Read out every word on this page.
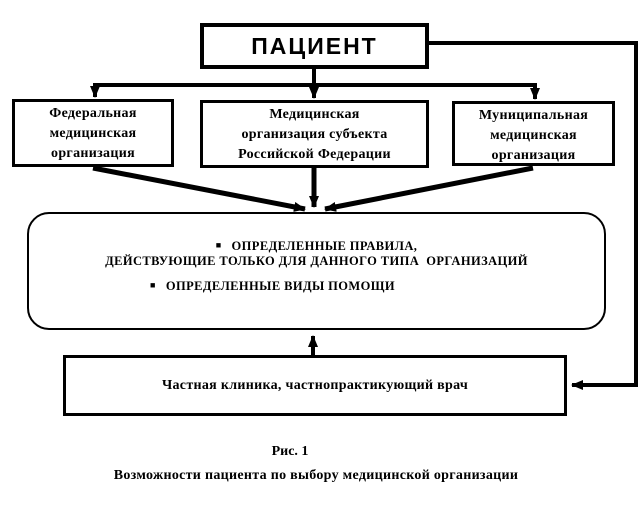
ПАЦИЕНТ
Федеральная
медицинская
организация
Медицинская
организация субъекта
Российской Федерации
Муниципальная
медицинская
организация
■ ОПРЕДЕЛЕННЫЕ ПРАВИЛА,
ДЕЙСТВУЮЩИЕ ТОЛЬКО ДЛЯ ДАННОГО ТИПА  ОРГАНИЗАЦИЙ
■ ОПРЕДЕЛЕННЫЕ ВИДЫ ПОМОЩИ
Частная клиника, частнопрактикующий врач
Рис. 1
Возможности пациента по выбору медицинской организации
